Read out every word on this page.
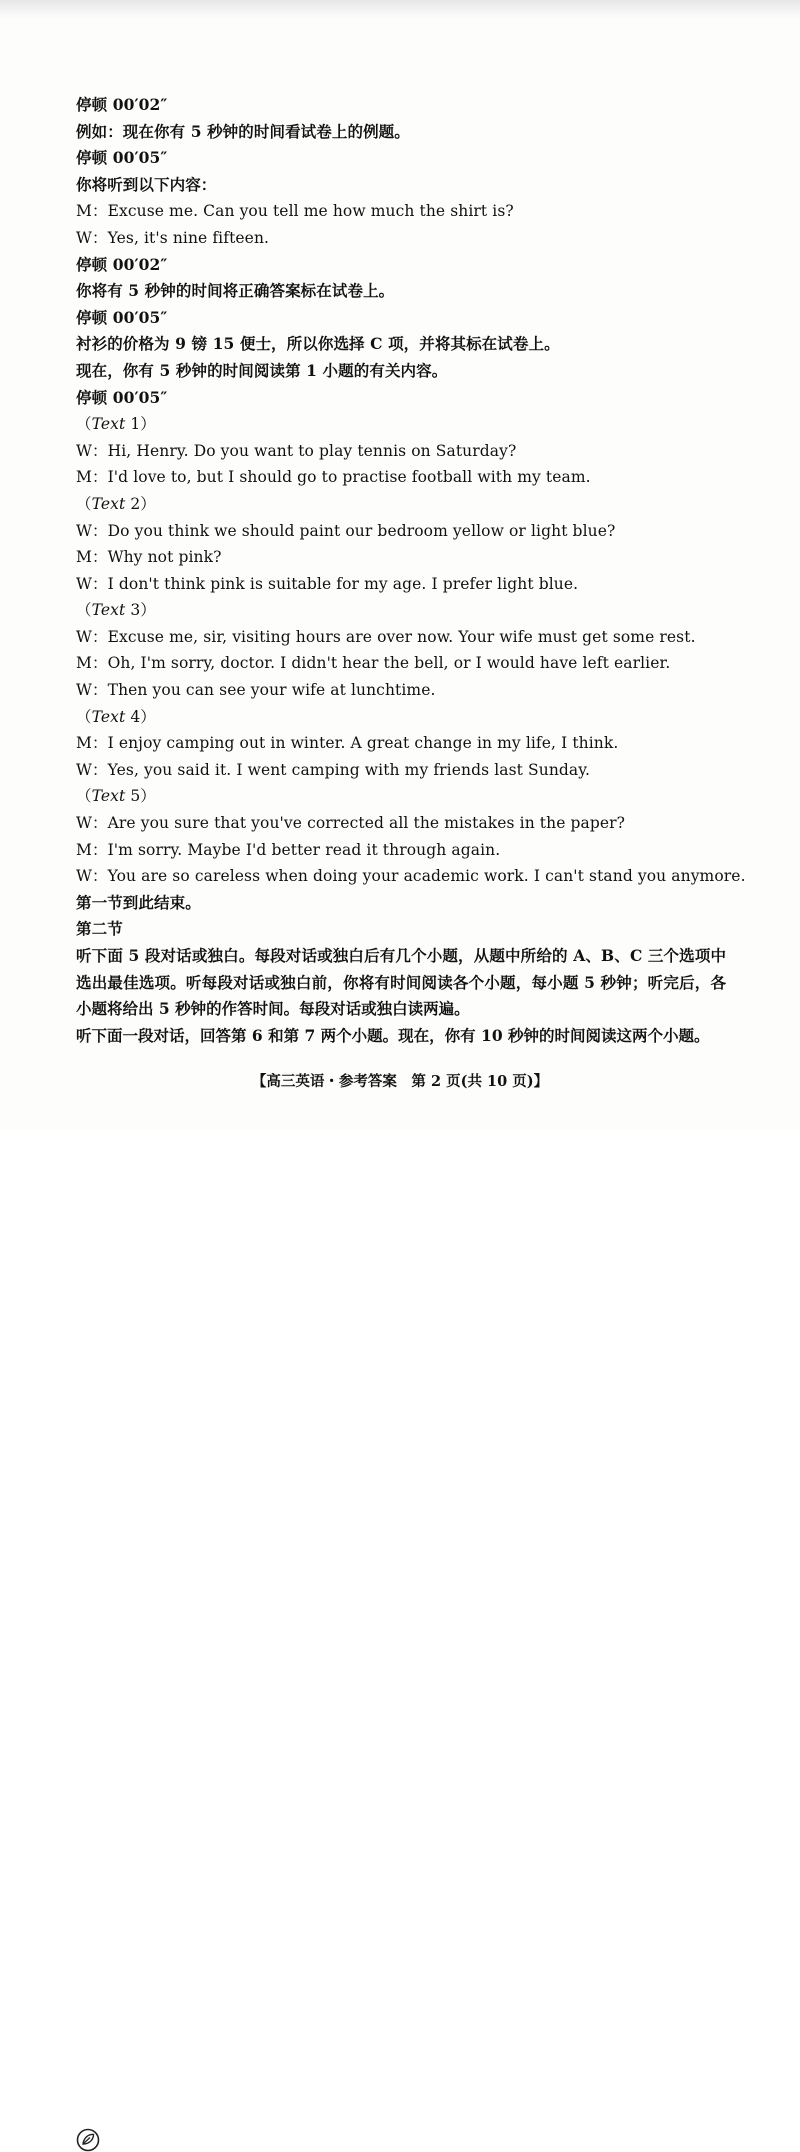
停顿 00′02″
例如：现在你有 5 秒钟的时间看试卷上的例题。
停顿 00′05″
你将听到以下内容：
M：Excuse me. Can you tell me how much the shirt is?
W：Yes, it's nine fifteen.
停顿 00′02″
你将有 5 秒钟的时间将正确答案标在试卷上。
停顿 00′05″
衬衫的价格为 9 镑 15 便士，所以你选择 C 项，并将其标在试卷上。
现在，你有 5 秒钟的时间阅读第 1 小题的有关内容。
停顿 00′05″
（Text 1）
W：Hi, Henry. Do you want to play tennis on Saturday?
M：I'd love to, but I should go to practise football with my team.
（Text 2）
W：Do you think we should paint our bedroom yellow or light blue?
M：Why not pink?
W：I don't think pink is suitable for my age. I prefer light blue.
（Text 3）
W：Excuse me, sir, visiting hours are over now. Your wife must get some rest.
M：Oh, I'm sorry, doctor. I didn't hear the bell, or I would have left earlier.
W：Then you can see your wife at lunchtime.
（Text 4）
M：I enjoy camping out in winter. A great change in my life, I think.
W：Yes, you said it. I went camping with my friends last Sunday.
（Text 5）
W：Are you sure that you've corrected all the mistakes in the paper?
M：I'm sorry. Maybe I'd better read it through again.
W：You are so careless when doing your academic work. I can't stand you anymore.
第一节到此结束。
第二节
听下面 5 段对话或独白。每段对话或独白后有几个小题，从题中所给的 A、B、C 三个选项中选出最佳选项。听每段对话或独白前，你将有时间阅读各个小题，每小题 5 秒钟；听完后，各小题将给出 5 秒钟的作答时间。每段对话或独白读两遍。
听下面一段对话，回答第 6 和第 7 两个小题。现在，你有 10 秒钟的时间阅读这两个小题。
【高三英语・参考答案　第 2 页(共 10 页)】
